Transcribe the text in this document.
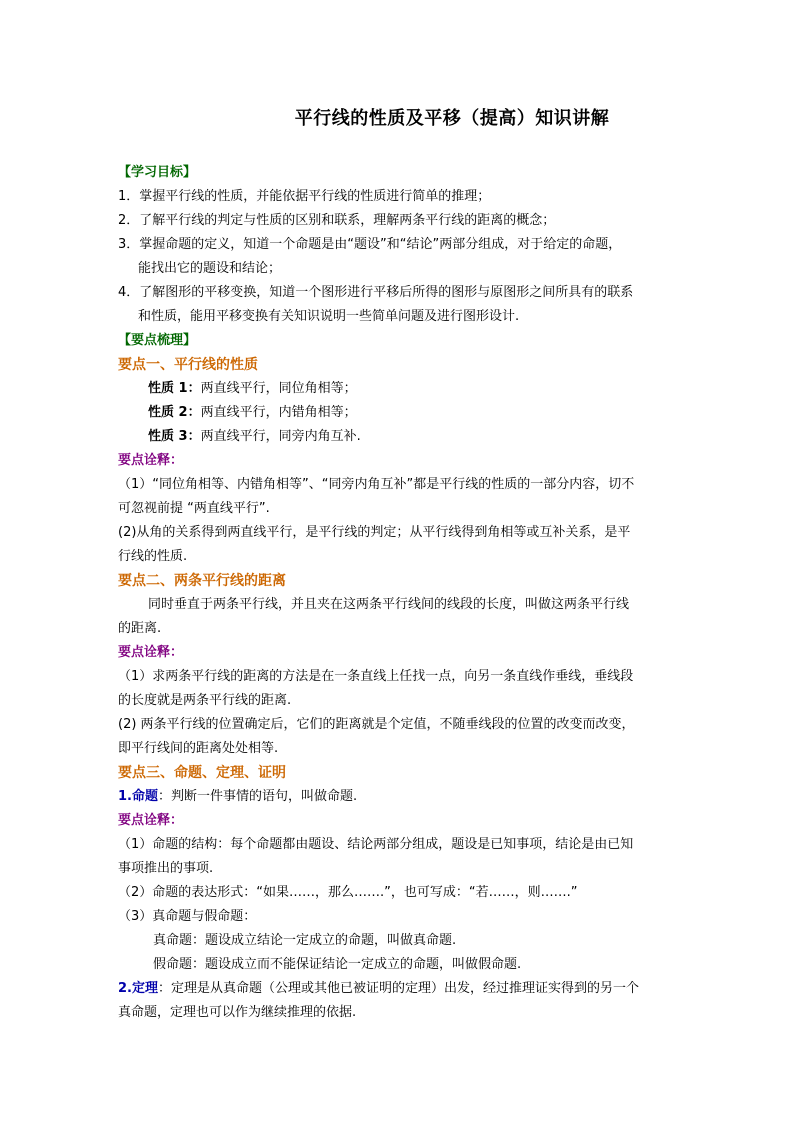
平行线的性质及平移（提高）知识讲解
【学习目标】
1．掌握平行线的性质，并能依据平行线的性质进行简单的推理；
2．了解平行线的判定与性质的区别和联系，理解两条平行线的距离的概念；
3．掌握命题的定义，知道一个命题是由“题设”和“结论”两部分组成，对于给定的命题，
能找出它的题设和结论；
4．了解图形的平移变换，知道一个图形进行平移后所得的图形与原图形之间所具有的联系
和性质，能用平移变换有关知识说明一些简单问题及进行图形设计.
【要点梳理】
要点一、平行线的性质
性质 1：两直线平行，同位角相等；
性质 2：两直线平行，内错角相等；
性质 3：两直线平行，同旁内角互补.
要点诠释：
（1）“同位角相等、内错角相等”、“同旁内角互补”都是平行线的性质的一部分内容，切不
可忽视前提 “两直线平行”.
(2)从角的关系得到两直线平行，是平行线的判定；从平行线得到角相等或互补关系，是平
行线的性质.
要点二、两条平行线的距离
同时垂直于两条平行线，并且夹在这两条平行线间的线段的长度，叫做这两条平行线
的距离.
要点诠释：
（1）求两条平行线的距离的方法是在一条直线上任找一点，向另一条直线作垂线，垂线段
的长度就是两条平行线的距离.
(2) 两条平行线的位置确定后，它们的距离就是个定值，不随垂线段的位置的改变而改变，
即平行线间的距离处处相等.
要点三、命题、定理、证明
1.命题：判断一件事情的语句，叫做命题.
要点诠释：
（1）命题的结构：每个命题都由题设、结论两部分组成，题设是已知事项，结论是由已知
事项推出的事项.
（2）命题的表达形式：“如果……，那么…….”，也可写成：“若……，则…….”
（3）真命题与假命题：
真命题：题设成立结论一定成立的命题，叫做真命题.
假命题：题设成立而不能保证结论一定成立的命题，叫做假命题.
2.定理：定理是从真命题（公理或其他已被证明的定理）出发，经过推理证实得到的另一个
真命题，定理也可以作为继续推理的依据.
